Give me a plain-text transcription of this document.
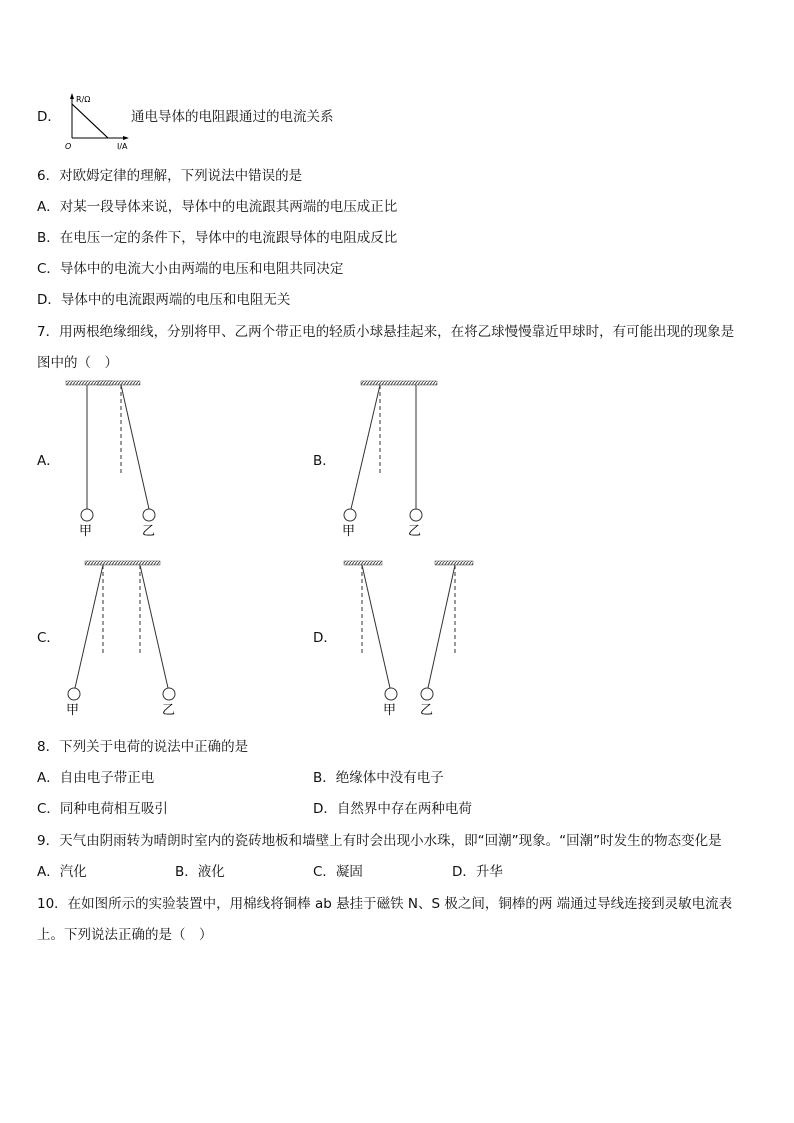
D．
R/Ω
I/A
O
通电导体的电阻跟通过的电流关系
6．对欧姆定律的理解，下列说法中错误的是
A．对某一段导体来说，导体中的电流跟其两端的电压成正比
B．在电压一定的条件下，导体中的电流跟导体的电阻成反比
C．导体中的电流大小由两端的电压和电阻共同决定
D．导体中的电流跟两端的电压和电阻无关
7．用两根绝缘细线，分别将甲、乙两个带正电的轻质小球悬挂起来，在将乙球慢慢靠近甲球时，有可能出现的现象是
图中的（　）
甲	乙	甲	乙
甲	乙	甲 乙
A．	B．
C．	D．
8．下列关于电荷的说法中正确的是
A．自由电子带正电	B．绝缘体中没有电子
C．同种电荷相互吸引	D．自然界中存在两种电荷
9．天气由阴雨转为晴朗时室内的瓷砖地板和墙壁上有时会出现小水珠，即“回潮”现象。“回潮”时发生的物态变化是
A．汽化	B．液化	C．凝固	D．升华
10．在如图所示的实验装置中，用棉线将铜棒 ab 悬挂于磁铁 N、S 极之间，铜棒的两 端通过导线连接到灵敏电流表
上。下列说法正确的是（　）
